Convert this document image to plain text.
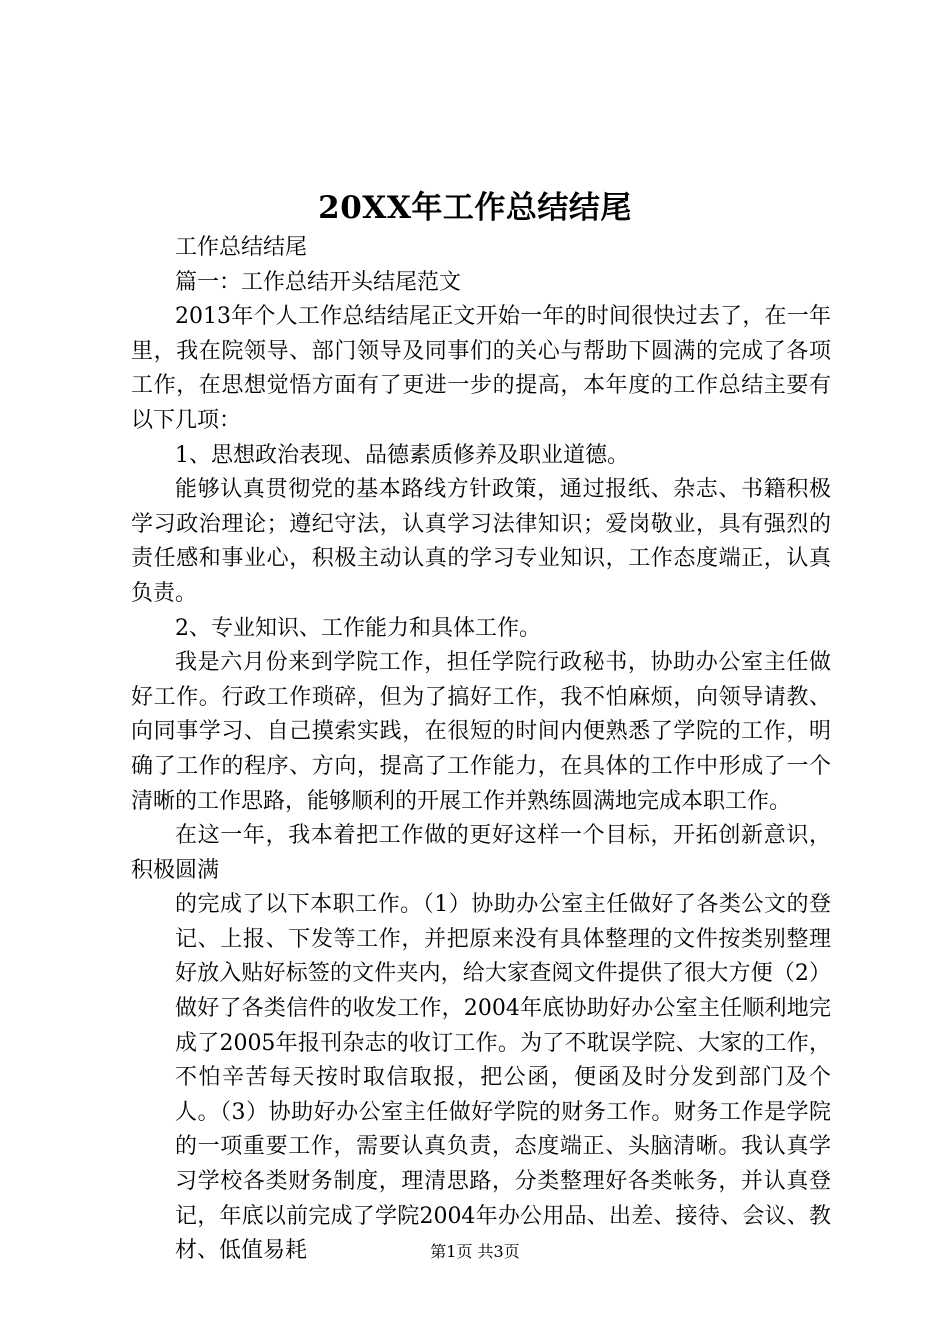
20XX年工作总结结尾

工作总结结尾

篇一：工作总结开头结尾范文

2013年个人工作总结结尾正文开始一年的时间很快过去了，在一年里，我在院领导、部门领导及同事们的关心与帮助下圆满的完成了各项工作，在思想觉悟方面有了更进一步的提高，本年度的工作总结主要有以下几项：

1、思想政治表现、品德素质修养及职业道德。

能够认真贯彻党的基本路线方针政策，通过报纸、杂志、书籍积极学习政治理论；遵纪守法，认真学习法律知识；爱岗敬业，具有强烈的责任感和事业心，积极主动认真的学习专业知识，工作态度端正，认真负责。

2、专业知识、工作能力和具体工作。

我是六月份来到学院工作，担任学院行政秘书，协助办公室主任做好工作。行政工作琐碎，但为了搞好工作，我不怕麻烦，向领导请教、向同事学习、自己摸索实践，在很短的时间内便熟悉了学院的工作，明确了工作的程序、方向，提高了工作能力，在具体的工作中形成了一个清晰的工作思路，能够顺利的开展工作并熟练圆满地完成本职工作。

在这一年，我本着把工作做的更好这样一个目标，开拓创新意识，积极圆满

的完成了以下本职工作。（1）协助办公室主任做好了各类公文的登记、上报、下发等工作，并把原来没有具体整理的文件按类别整理好放入贴好标签的文件夹内，给大家查阅文件提供了很大方便（2）做好了各类信件的收发工作，2004年底协助好办公室主任顺利地完成了2005年报刊杂志的收订工作。为了不耽误学院、大家的工作，不怕辛苦每天按时取信取报，把公函，便函及时分发到部门及个人。（3）协助好办公室主任做好学院的财务工作。财务工作是学院的一项重要工作，需要认真负责，态度端正、头脑清晰。我认真学习学校各类财务制度，理清思路，分类整理好各类帐务，并认真登记，年底以前完成了学院2004年办公用品、出差、接待、会议、教材、低值易耗	第1页 共3页
